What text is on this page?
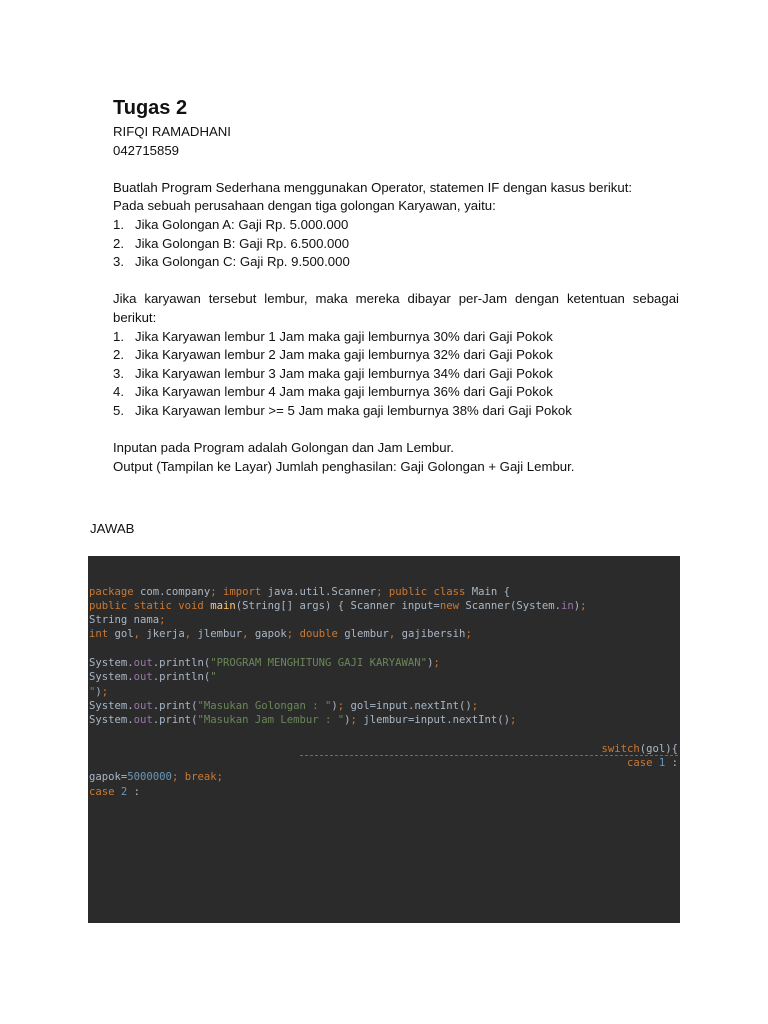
Tugas 2
RIFQI RAMADHANI
042715859
Buatlah Program Sederhana menggunakan Operator, statemen IF dengan kasus berikut:
Pada sebuah perusahaan dengan tiga golongan Karyawan, yaitu:
1. Jika Golongan A: Gaji Rp. 5.000.000
2. Jika Golongan B: Gaji Rp. 6.500.000
3. Jika Golongan C: Gaji Rp. 9.500.000
Jika karyawan tersebut lembur, maka mereka dibayar per-Jam dengan ketentuan sebagai berikut:
1. Jika Karyawan lembur 1 Jam maka gaji lemburnya 30% dari Gaji Pokok
2. Jika Karyawan lembur 2 Jam maka gaji lemburnya 32% dari Gaji Pokok
3. Jika Karyawan lembur 3 Jam maka gaji lemburnya 34% dari Gaji Pokok
4. Jika Karyawan lembur 4 Jam maka gaji lemburnya 36% dari Gaji Pokok
5. Jika Karyawan lembur >= 5 Jam maka gaji lemburnya 38% dari Gaji Pokok
Inputan pada Program adalah Golongan dan Jam Lembur.
Output (Tampilan ke Layar) Jumlah penghasilan: Gaji Golongan + Gaji Lembur.
JAWAB

package com.company; import java.util.Scanner; public class Main {
public static void main(String[] args) { Scanner input=new Scanner(System.in);
String nama;
int gol, jkerja, jlembur, gapok; double glembur, gajibersih;
System.out.println("PROGRAM MENGHITUNG GAJI KARYAWAN");
System.out.println("
");
System.out.print("Masukan Golongan : "); gol=input.nextInt();
System.out.print("Masukan Jam Lembur : "); jlembur=input.nextInt();
switch(gol){
case 1 :
gapok=5000000; break;
case 2 :
